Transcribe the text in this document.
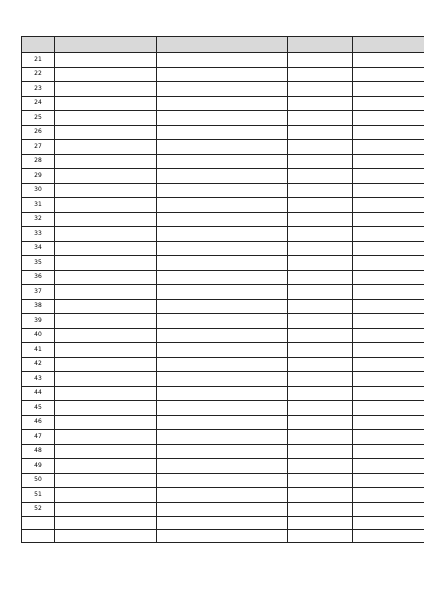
21				
22				
23				
24				
25				
26				
27				
28				
29				
30				
31				
32				
33				
34				
35				
36				
37				
38				
39				
40				
41				
42				
43				
44				
45				
46				
47				
48				
49				
50				
51				
52				
